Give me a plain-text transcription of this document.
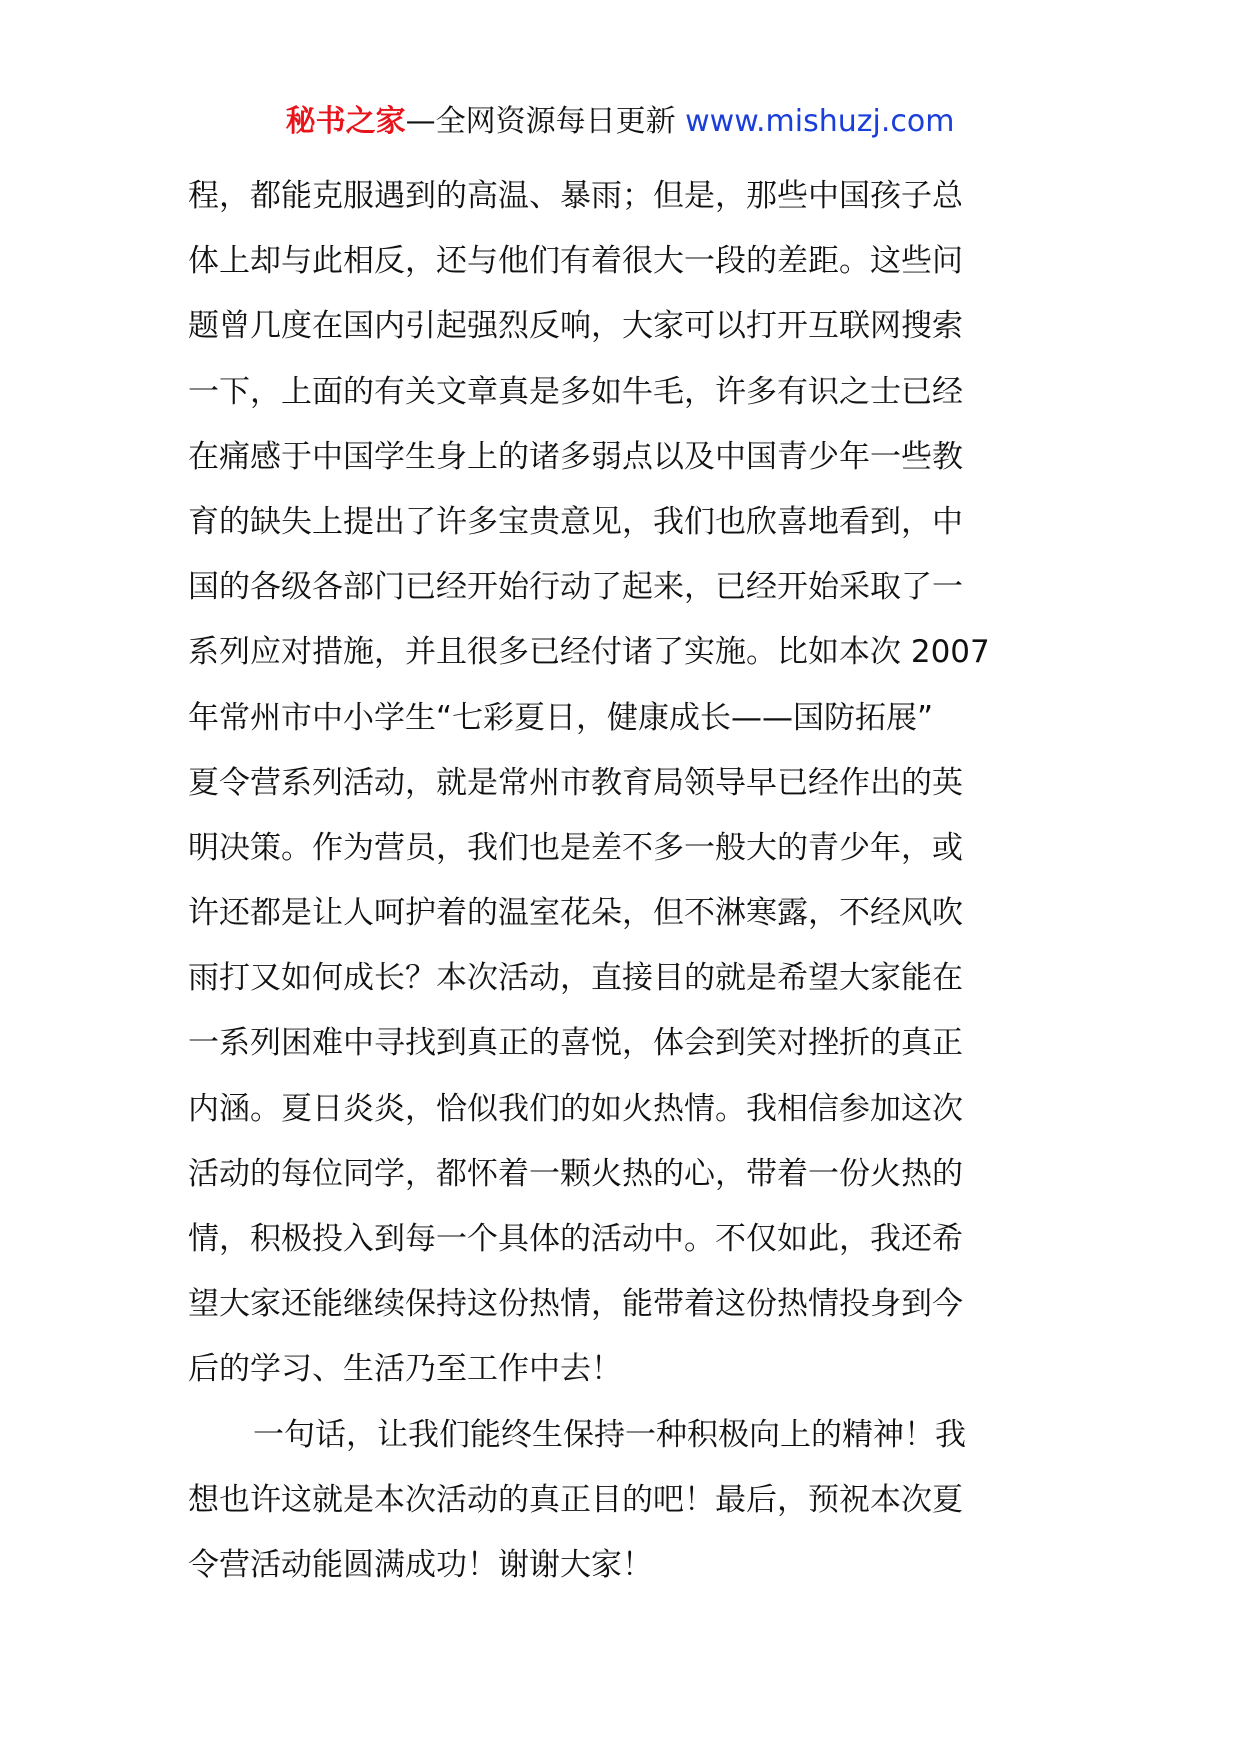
秘书之家—全网资源每日更新 www.mishuzj.com
程，都能克服遇到的高温、暴雨；但是，那些中国孩子总
体上却与此相反，还与他们有着很大一段的差距。这些问
题曾几度在国内引起强烈反响，大家可以打开互联网搜索
一下，上面的有关文章真是多如牛毛，许多有识之士已经
在痛感于中国学生身上的诸多弱点以及中国青少年一些教
育的缺失上提出了许多宝贵意见，我们也欣喜地看到，中
国的各级各部门已经开始行动了起来，已经开始采取了一
系列应对措施，并且很多已经付诸了实施。比如本次 2007
年常州市中小学生“七彩夏日，健康成长——国防拓展”
夏令营系列活动，就是常州市教育局领导早已经作出的英
明决策。作为营员，我们也是差不多一般大的青少年，或
许还都是让人呵护着的温室花朵，但不淋寒露，不经风吹
雨打又如何成长？本次活动，直接目的就是希望大家能在
一系列困难中寻找到真正的喜悦，体会到笑对挫折的真正
内涵。夏日炎炎，恰似我们的如火热情。我相信参加这次
活动的每位同学，都怀着一颗火热的心，带着一份火热的
情，积极投入到每一个具体的活动中。不仅如此，我还希
望大家还能继续保持这份热情，能带着这份热情投身到今
后的学习、生活乃至工作中去！
一句话，让我们能终生保持一种积极向上的精神！我
想也许这就是本次活动的真正目的吧！最后，预祝本次夏
令营活动能圆满成功！谢谢大家！
